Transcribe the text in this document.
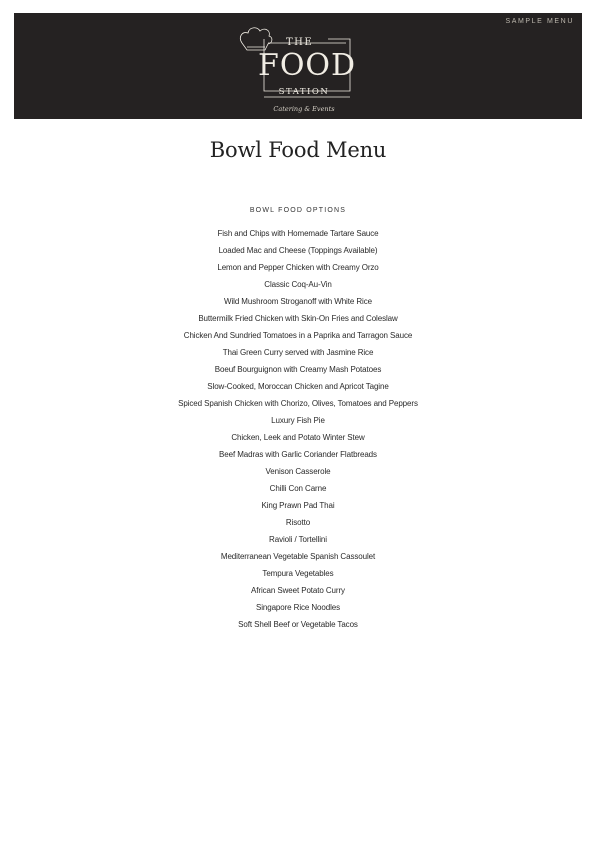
SAMPLE MENU
THE
FOOD
STATION
Catering & Events
Bowl Food Menu
BOWL FOOD OPTIONS
Fish and Chips with Homemade Tartare Sauce
Loaded Mac and Cheese (Toppings Available)
Lemon and Pepper Chicken with Creamy Orzo
Classic Coq-Au-Vin
Wild Mushroom Stroganoff with White Rice
Buttermilk Fried Chicken with Skin-On Fries and Coleslaw
Chicken And Sundried Tomatoes in a Paprika and Tarragon Sauce
Thai Green Curry served with Jasmine Rice
Boeuf Bourguignon with Creamy Mash Potatoes
Slow-Cooked, Moroccan Chicken and Apricot Tagine
Spiced Spanish Chicken with Chorizo, Olives, Tomatoes and Peppers
Luxury Fish Pie
Chicken, Leek and Potato Winter Stew
Beef Madras with Garlic Coriander Flatbreads
Venison Casserole
Chilli Con Carne
King Prawn Pad Thai
Risotto
Ravioli / Tortellini
Mediterranean Vegetable Spanish Cassoulet
Tempura Vegetables
African Sweet Potato Curry
Singapore Rice Noodles
Soft Shell Beef or Vegetable Tacos
